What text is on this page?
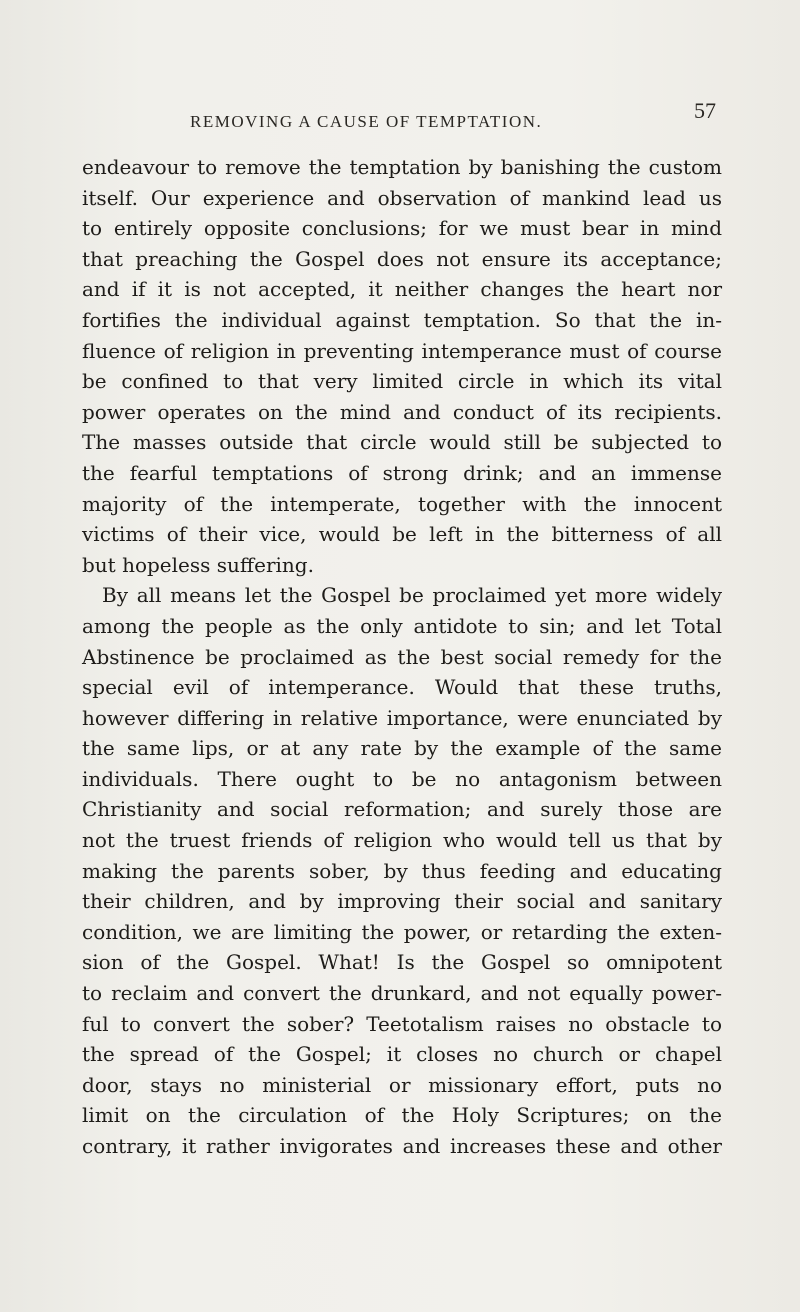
REMOVING A CAUSE OF TEMPTATION.	57
endeavour to remove the temptation by banishing the custom
itself. Our experience and observation of mankind lead us
to entirely opposite conclusions; for we must bear in mind
that preaching the Gospel does not ensure its acceptance;
and if it is not accepted, it neither changes the heart nor
fortifies the individual against temptation. So that the in-
fluence of religion in preventing intemperance must of course
be confined to that very limited circle in which its vital
power operates on the mind and conduct of its recipients.
The masses outside that circle would still be subjected to
the fearful temptations of strong drink; and an immense
majority of the intemperate, together with the innocent
victims of their vice, would be left in the bitterness of all
but hopeless suffering.
By all means let the Gospel be proclaimed yet more widely
among the people as the only antidote to sin; and let Total
Abstinence be proclaimed as the best social remedy for the
special evil of intemperance. Would that these truths,
however differing in relative importance, were enunciated by
the same lips, or at any rate by the example of the same
individuals. There ought to be no antagonism between
Christianity and social reformation; and surely those are
not the truest friends of religion who would tell us that by
making the parents sober, by thus feeding and educating
their children, and by improving their social and sanitary
condition, we are limiting the power, or retarding the exten-
sion of the Gospel. What! Is the Gospel so omnipotent
to reclaim and convert the drunkard, and not equally power-
ful to convert the sober? Teetotalism raises no obstacle to
the spread of the Gospel; it closes no church or chapel
door, stays no ministerial or missionary effort, puts no
limit on the circulation of the Holy Scriptures; on the
contrary, it rather invigorates and increases these and other
